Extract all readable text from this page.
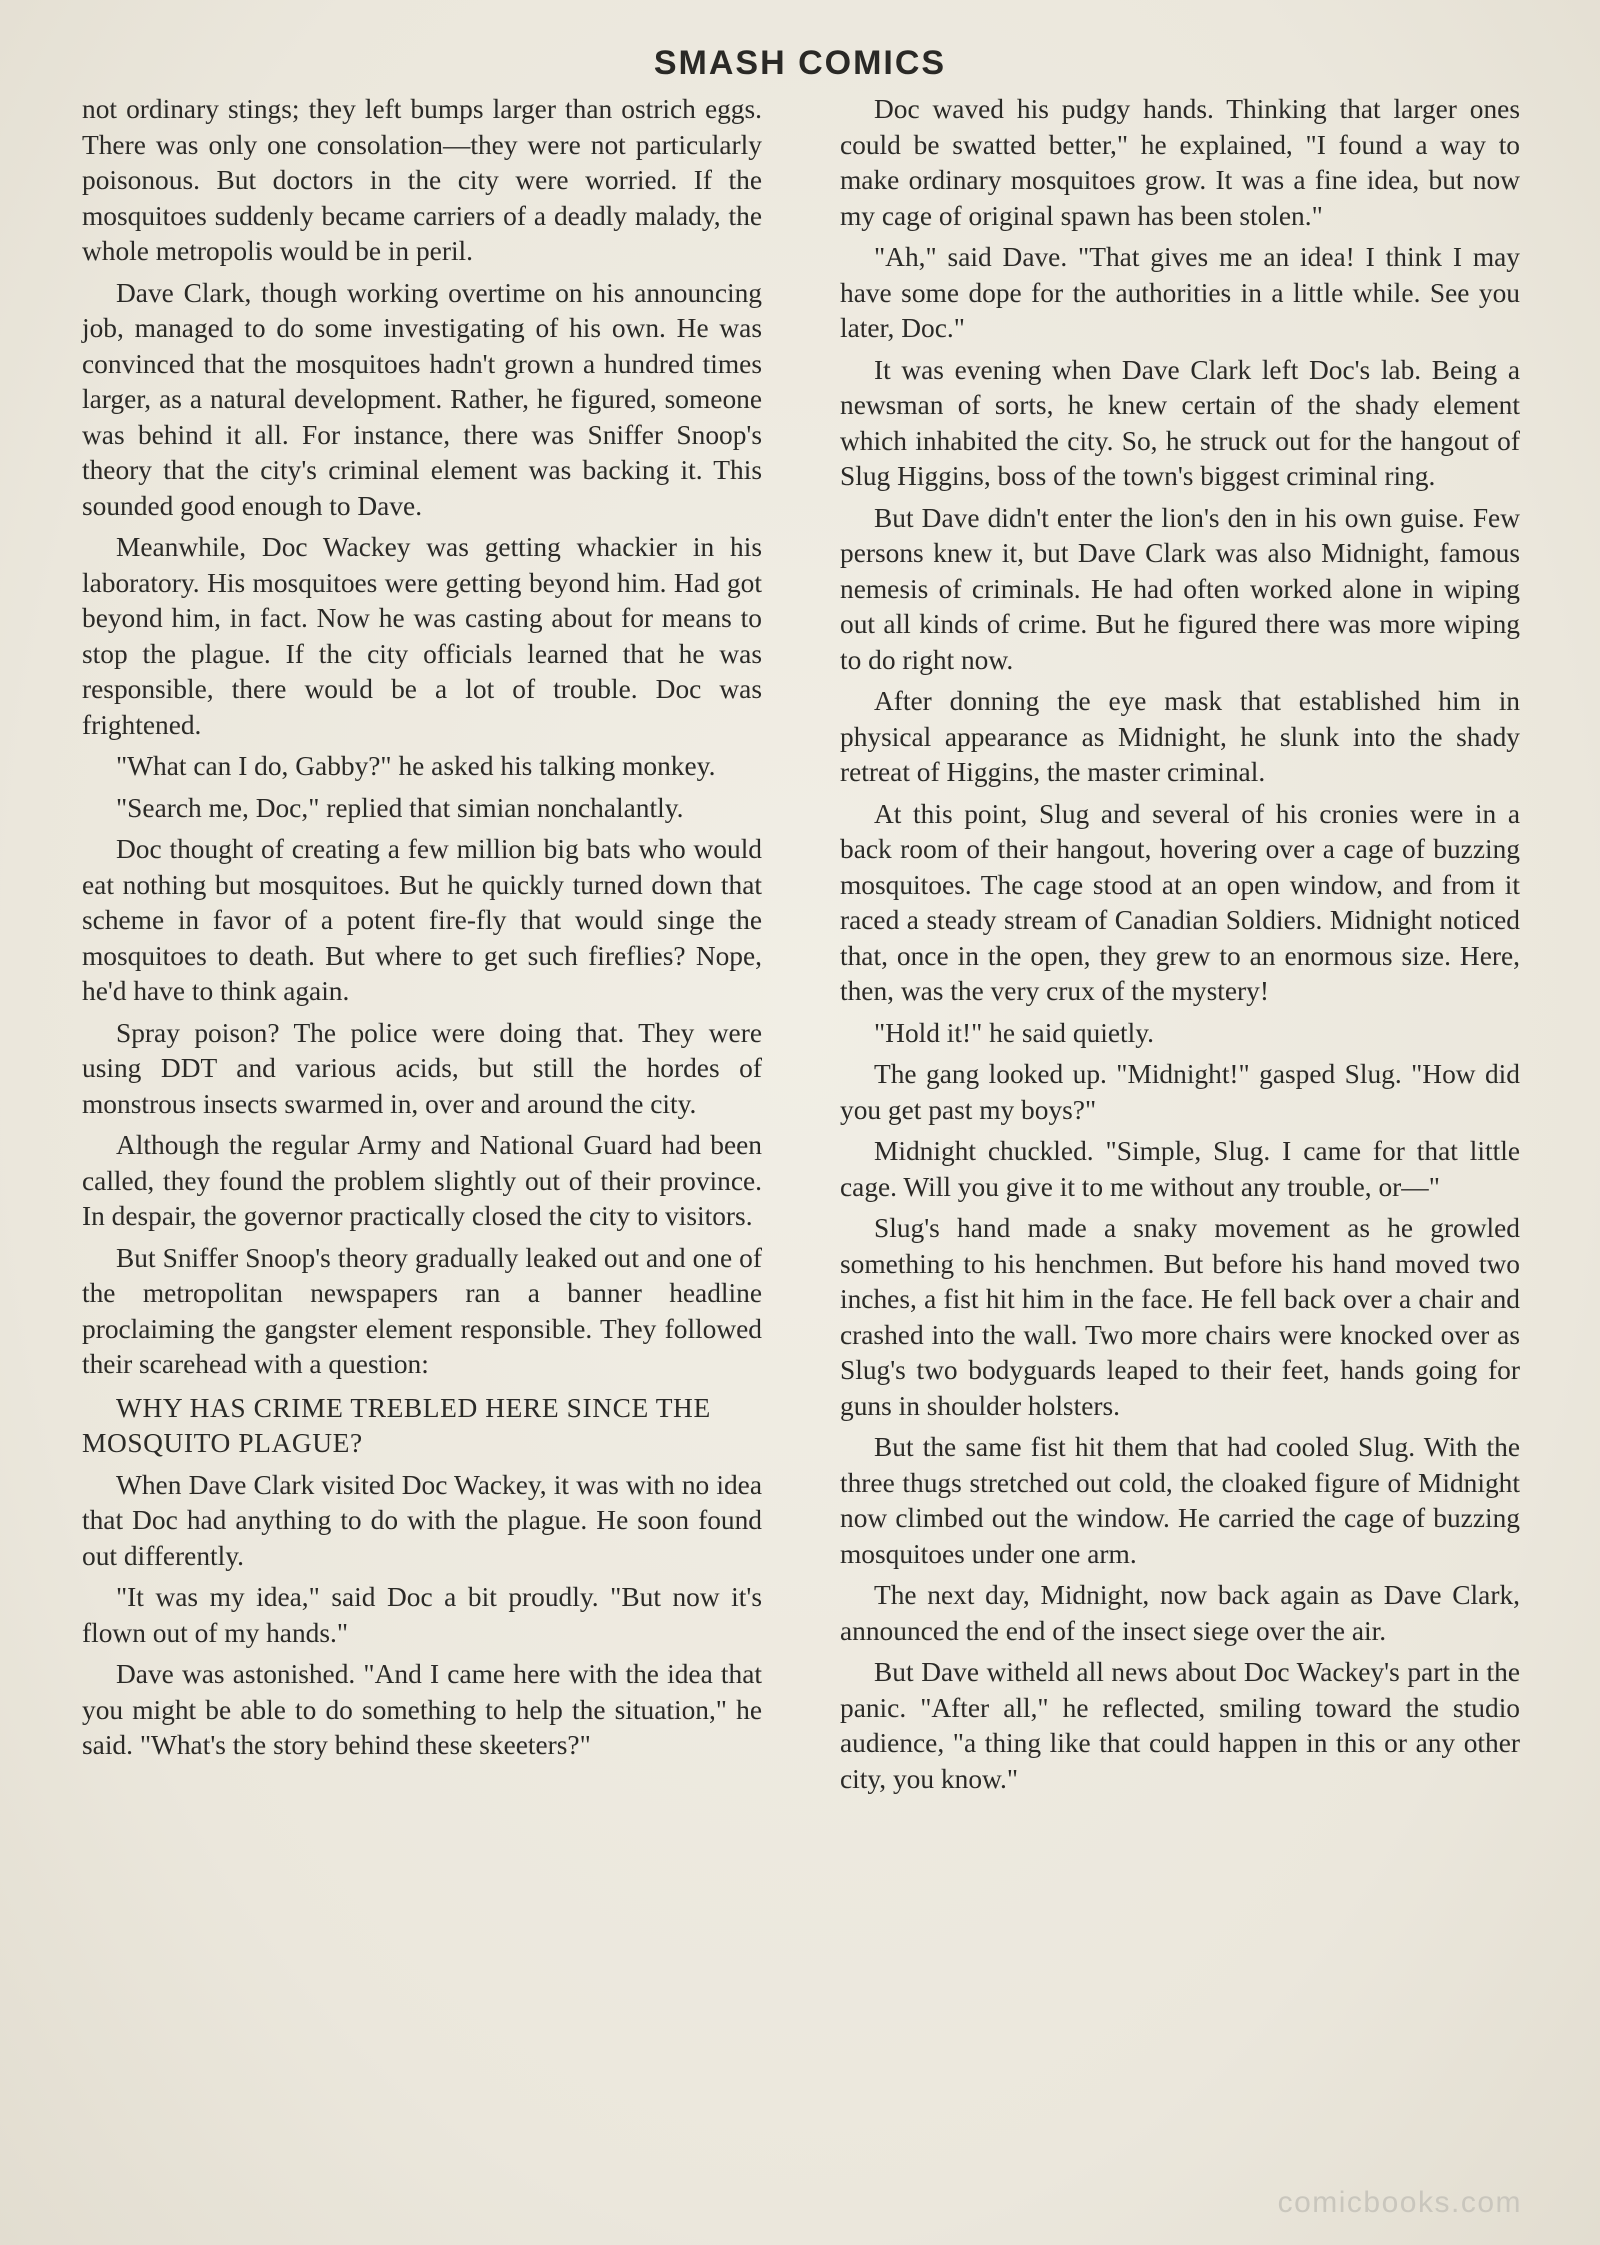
SMASH COMICS

not ordinary stings; they left bumps larger than ostrich eggs. There was only one consolation—they were not particularly poisonous. But doctors in the city were worried. If the mosquitoes suddenly became carriers of a deadly malady, the whole metropolis would be in peril.

Dave Clark, though working overtime on his announcing job, managed to do some investigating of his own. He was convinced that the mosquitoes hadn't grown a hundred times larger, as a natural development. Rather, he figured, someone was behind it all. For instance, there was Sniffer Snoop's theory that the city's criminal element was backing it. This sounded good enough to Dave.

Meanwhile, Doc Wackey was getting whackier in his laboratory. His mosquitoes were getting beyond him. Had got beyond him, in fact. Now he was casting about for means to stop the plague. If the city officials learned that he was responsible, there would be a lot of trouble. Doc was frightened.

"What can I do, Gabby?" he asked his talking monkey.

"Search me, Doc," replied that simian nonchalantly.

Doc thought of creating a few million big bats who would eat nothing but mosquitoes. But he quickly turned down that scheme in favor of a potent fire-fly that would singe the mosquitoes to death. But where to get such fireflies? Nope, he'd have to think again.

Spray poison? The police were doing that. They were using DDT and various acids, but still the hordes of monstrous insects swarmed in, over and around the city.

Although the regular Army and National Guard had been called, they found the problem slightly out of their province. In despair, the governor practically closed the city to visitors.

But Sniffer Snoop's theory gradually leaked out and one of the metropolitan newspapers ran a banner headline proclaiming the gangster element responsible. They followed their scarehead with a question:

WHY HAS CRIME TREBLED HERE SINCE THE MOSQUITO PLAGUE?

When Dave Clark visited Doc Wackey, it was with no idea that Doc had anything to do with the plague. He soon found out differently.

"It was my idea," said Doc a bit proudly. "But now it's flown out of my hands."

Dave was astonished. "And I came here with the idea that you might be able to do something to help the situation," he said. "What's the story behind these skeeters?"

Doc waved his pudgy hands. Thinking that larger ones could be swatted better," he explained, "I found a way to make ordinary mosquitoes grow. It was a fine idea, but now my cage of original spawn has been stolen."

"Ah," said Dave. "That gives me an idea! I think I may have some dope for the authorities in a little while. See you later, Doc."

It was evening when Dave Clark left Doc's lab. Being a newsman of sorts, he knew certain of the shady element which inhabited the city. So, he struck out for the hangout of Slug Higgins, boss of the town's biggest criminal ring.

But Dave didn't enter the lion's den in his own guise. Few persons knew it, but Dave Clark was also Midnight, famous nemesis of criminals. He had often worked alone in wiping out all kinds of crime. But he figured there was more wiping to do right now.

After donning the eye mask that established him in physical appearance as Midnight, he slunk into the shady retreat of Higgins, the master criminal.

At this point, Slug and several of his cronies were in a back room of their hangout, hovering over a cage of buzzing mosquitoes. The cage stood at an open window, and from it raced a steady stream of Canadian Soldiers. Midnight noticed that, once in the open, they grew to an enormous size. Here, then, was the very crux of the mystery!

"Hold it!" he said quietly.

The gang looked up. "Midnight!" gasped Slug. "How did you get past my boys?"

Midnight chuckled. "Simple, Slug. I came for that little cage. Will you give it to me without any trouble, or—"

Slug's hand made a snaky movement as he growled something to his henchmen. But before his hand moved two inches, a fist hit him in the face. He fell back over a chair and crashed into the wall. Two more chairs were knocked over as Slug's two bodyguards leaped to their feet, hands going for guns in shoulder holsters.

But the same fist hit them that had cooled Slug. With the three thugs stretched out cold, the cloaked figure of Midnight now climbed out the window. He carried the cage of buzzing mosquitoes under one arm.

The next day, Midnight, now back again as Dave Clark, announced the end of the insect siege over the air.

But Dave witheld all news about Doc Wackey's part in the panic. "After all," he reflected, smiling toward the studio audience, "a thing like that could happen in this or any other city, you know."

comicbooks.com
